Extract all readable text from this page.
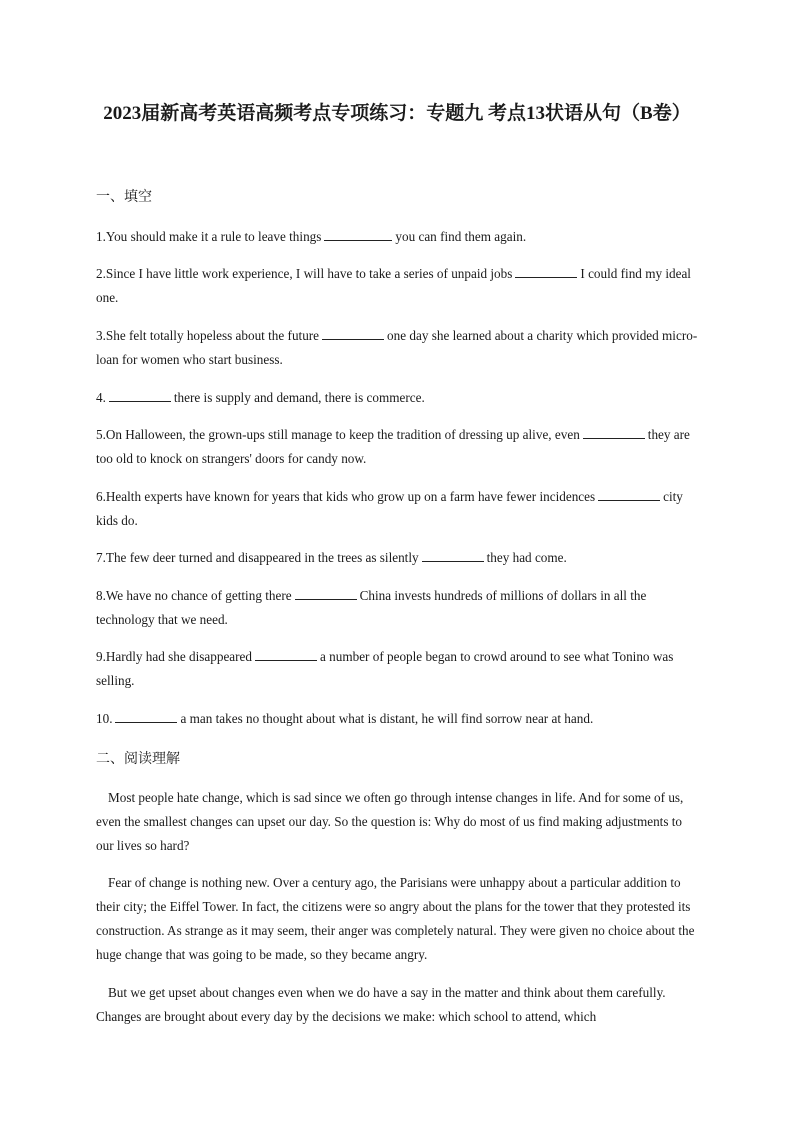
2023届新高考英语高频考点专项练习：专题九 考点13状语从句（B卷）
一、填空

1.You should make it a rule to leave things	you can find them again.

2.Since I have little work experience, I will have to take a series of unpaid jobs	I could find my ideal one.

3.She felt totally hopeless about the future	one day she learned about a charity which provided micro-loan for women who start business.

4.	there is supply and demand, there is commerce.

5.On Halloween, the grown-ups still manage to keep the tradition of dressing up alive, even	they are too old to knock on strangers' doors for candy now.

6.Health experts have known for years that kids who grow up on a farm have fewer incidences	city kids do.

7.The few deer turned and disappeared in the trees as silently	they had come.

8.We have no chance of getting there	China invests hundreds of millions of dollars in all the technology that we need.

9.Hardly had she disappeared	a number of people began to crowd around to see what Tonino was selling.

10.	a man takes no thought about what is distant, he will find sorrow near at hand.

二、阅读理解

Most people hate change, which is sad since we often go through intense changes in life. And for some of us, even the smallest changes can upset our day. So the question is: Why do most of us find making adjustments to our lives so hard?

Fear of change is nothing new. Over a century ago, the Parisians were unhappy about a particular addition to their city; the Eiffel Tower. In fact, the citizens were so angry about the plans for the tower that they protested its construction. As strange as it may seem, their anger was completely natural. They were given no choice about the huge change that was going to be made, so they became angry.

But we get upset about changes even when we do have a say in the matter and think about them carefully. Changes are brought about every day by the decisions we make: which school to attend, which
